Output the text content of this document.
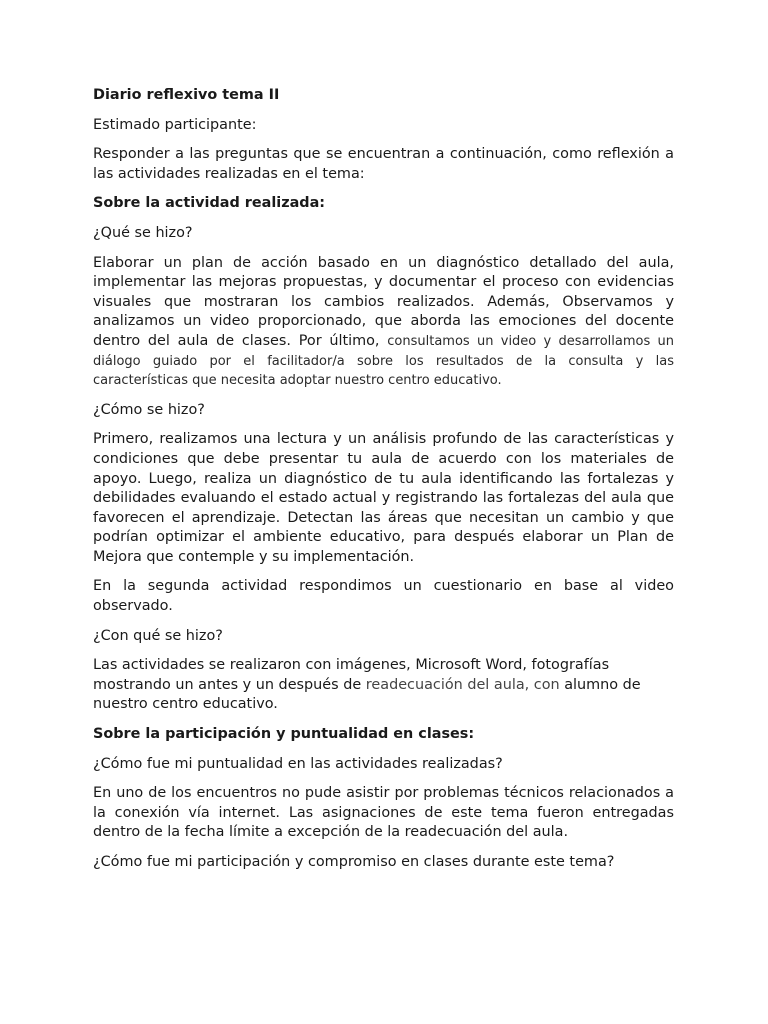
Diario reflexivo tema II

Estimado participante:

Responder a las preguntas que se encuentran a continuación, como reflexión a las actividades realizadas en el tema:

Sobre la actividad realizada:

¿Qué se hizo?

Elaborar un plan de acción basado en un diagnóstico detallado del aula, implementar las mejoras propuestas, y documentar el proceso con evidencias visuales que mostraran los cambios realizados. Además, Observamos y analizamos un video proporcionado, que aborda las emociones del docente dentro del aula de clases. Por último, consultamos un video y desarrollamos un diálogo guiado por el facilitador/a sobre los resultados de la consulta y las características que necesita adoptar nuestro centro educativo.

¿Cómo se hizo?

Primero, realizamos una lectura y un análisis profundo de las características y condiciones que debe presentar tu aula de acuerdo con los materiales de apoyo. Luego, realiza un diagnóstico de tu aula identificando las fortalezas y debilidades evaluando el estado actual y registrando las fortalezas del aula que favorecen el aprendizaje. Detectan las áreas que necesitan un cambio y que podrían optimizar el ambiente educativo, para después elaborar un Plan de Mejora que contemple y su implementación.

En la segunda actividad respondimos un cuestionario en base al video observado.

¿Con qué se hizo?

Las actividades se realizaron con imágenes, Microsoft Word, fotografías mostrando un antes y un después de readecuación del aula, con alumno de nuestro centro educativo.

Sobre la participación y puntualidad en clases:

¿Cómo fue mi puntualidad en las actividades realizadas?

En uno de los encuentros no pude asistir por problemas técnicos relacionados a la conexión vía internet. Las asignaciones de este tema fueron entregadas dentro de la fecha límite a excepción de la readecuación del aula.

¿Cómo fue mi participación y compromiso en clases durante este tema?
